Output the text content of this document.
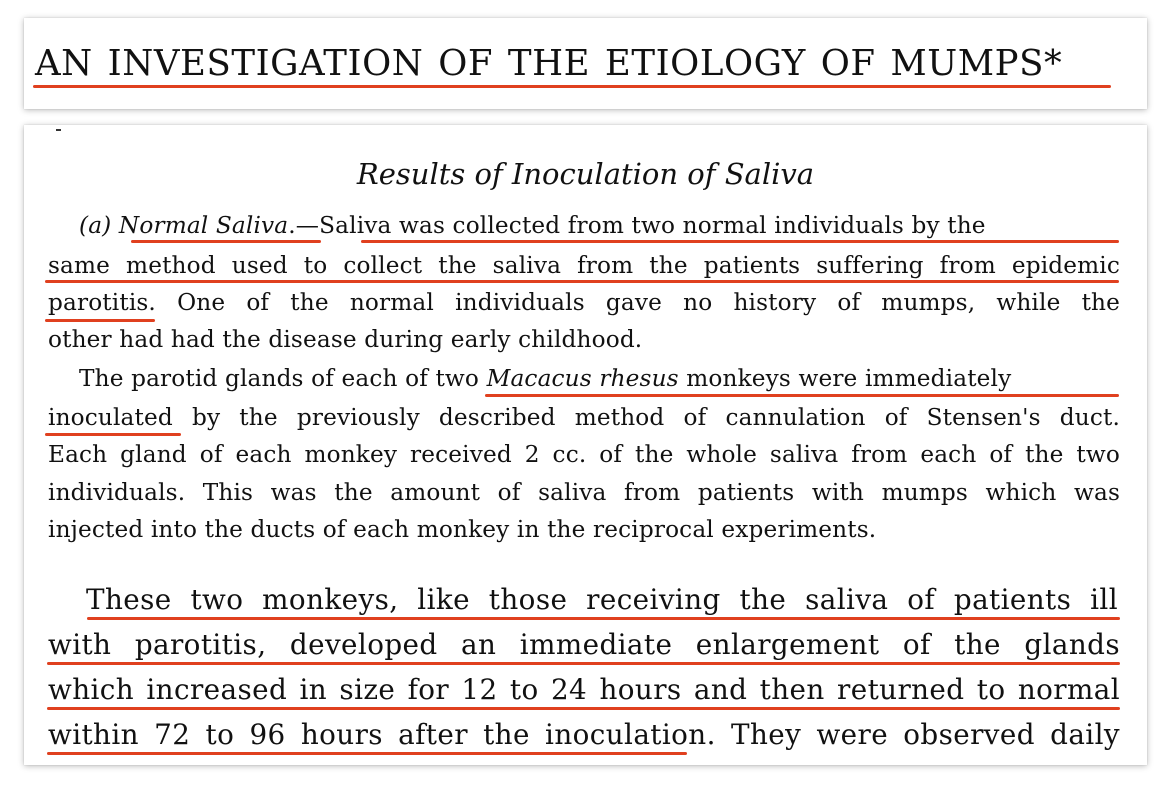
AN INVESTIGATION OF THE ETIOLOGY OF MUMPS*
Results of Inoculation of Saliva
(a) Normal Saliva.—Saliva was collected from two normal individuals by the
same method used to collect the saliva from the patients suffering from epidemic
parotitis. One of the normal individuals gave no history of mumps, while the
other had had the disease during early childhood.
The parotid glands of each of two Macacus rhesus monkeys were immediately
inoculated by the previously described method of cannulation of Stensen's duct.
Each gland of each monkey received 2 cc. of the whole saliva from each of the two
individuals. This was the amount of saliva from patients with mumps which was
injected into the ducts of each monkey in the reciprocal experiments.
These two monkeys, like those receiving the saliva of patients ill
with parotitis, developed an immediate enlargement of the glands
which increased in size for 12 to 24 hours and then returned to normal
within 72 to 96 hours after the inoculation. They were observed daily
